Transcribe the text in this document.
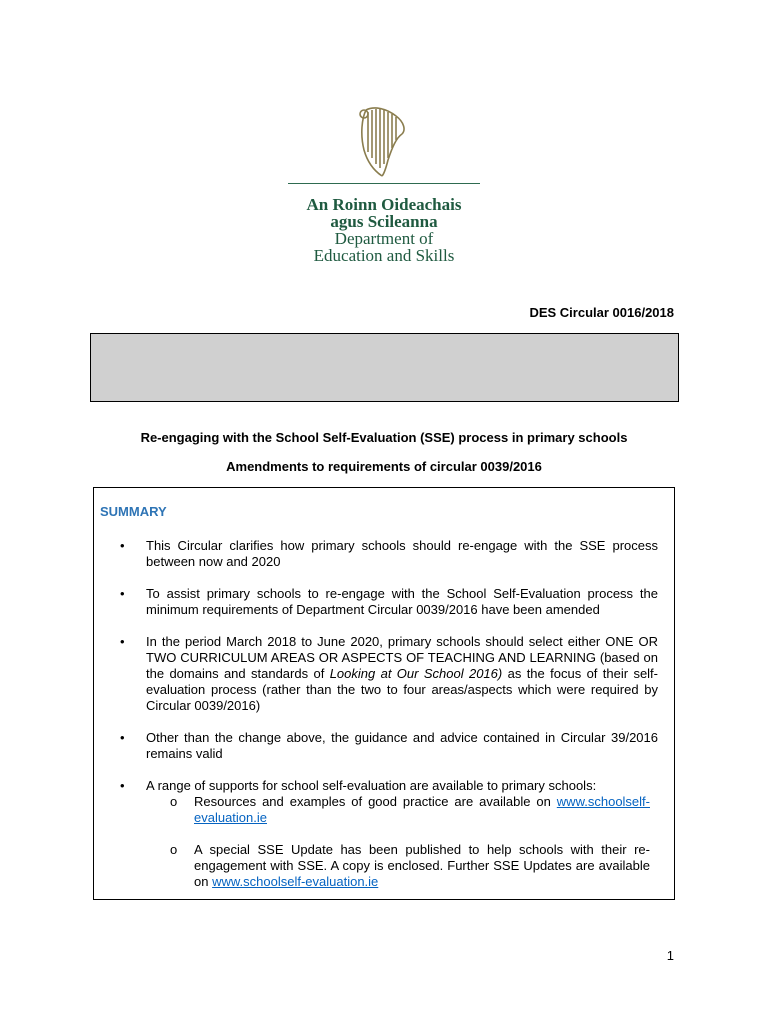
An Roinn Oideachais
agus Scileanna
Department of
Education and Skills
DES Circular 0016/2018
Re-engaging with the School Self-Evaluation (SSE) process in primary schools
Amendments to requirements of circular 0039/2016
SUMMARY
• This Circular clarifies how primary schools should re-engage with the SSE process between now and 2020
• To assist primary schools to re-engage with the School Self-Evaluation process the minimum requirements of Department Circular 0039/2016 have been amended
• In the period March 2018 to June 2020, primary schools should select either ONE OR TWO CURRICULUM AREAS OR ASPECTS OF TEACHING AND LEARNING (based on the domains and standards of Looking at Our School 2016) as the focus of their self-evaluation process (rather than the two to four areas/aspects which were required by Circular 0039/2016)
• Other than the change above, the guidance and advice contained in Circular 39/2016 remains valid
• A range of supports for school self-evaluation are available to primary schools:
o Resources and examples of good practice are available on www.schoolself-evaluation.ie
o A special SSE Update has been published to help schools with their re-engagement with SSE. A copy is enclosed. Further SSE Updates are available on www.schoolself-evaluation.ie
1
